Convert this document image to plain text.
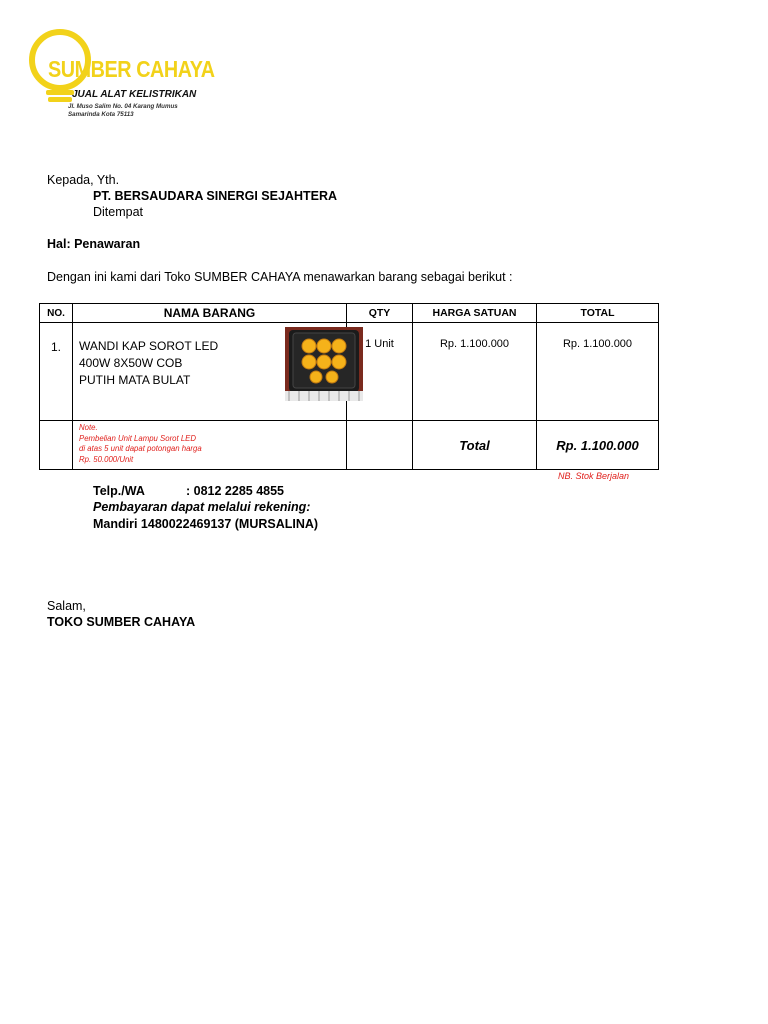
SUMBER CAHAYA
JUAL ALAT KELISTRIKAN
Jl. Muso Salim No. 04 Karang Mumus
Samarinda Kota 75113
Kepada, Yth.
PT. BERSAUDARA SINERGI SEJAHTERA
Ditempat
Hal: Penawaran
Dengan ini kami dari Toko SUMBER CAHAYA menawarkan barang sebagai berikut :
NO.	NAMA BARANG	QTY	HARGA SATUAN	TOTAL
1.	WANDI KAP SOROT LED
400W 8X50W COB
PUTIH MATA BULAT	1 Unit	Rp. 1.100.000	Rp. 1.100.000

	Note.
Pembelian Unit Lampu Sorot LED
di atas 5 unit dapat potongan harga
Rp. 50.000/Unit		Total	Rp. 1.100.000
NB. Stok Berjalan
Telp./WA	: 0812 2285 4855
Pembayaran dapat melalui rekening:
Mandiri 1480022469137 (MURSALINA)
Salam,
TOKO SUMBER CAHAYA
